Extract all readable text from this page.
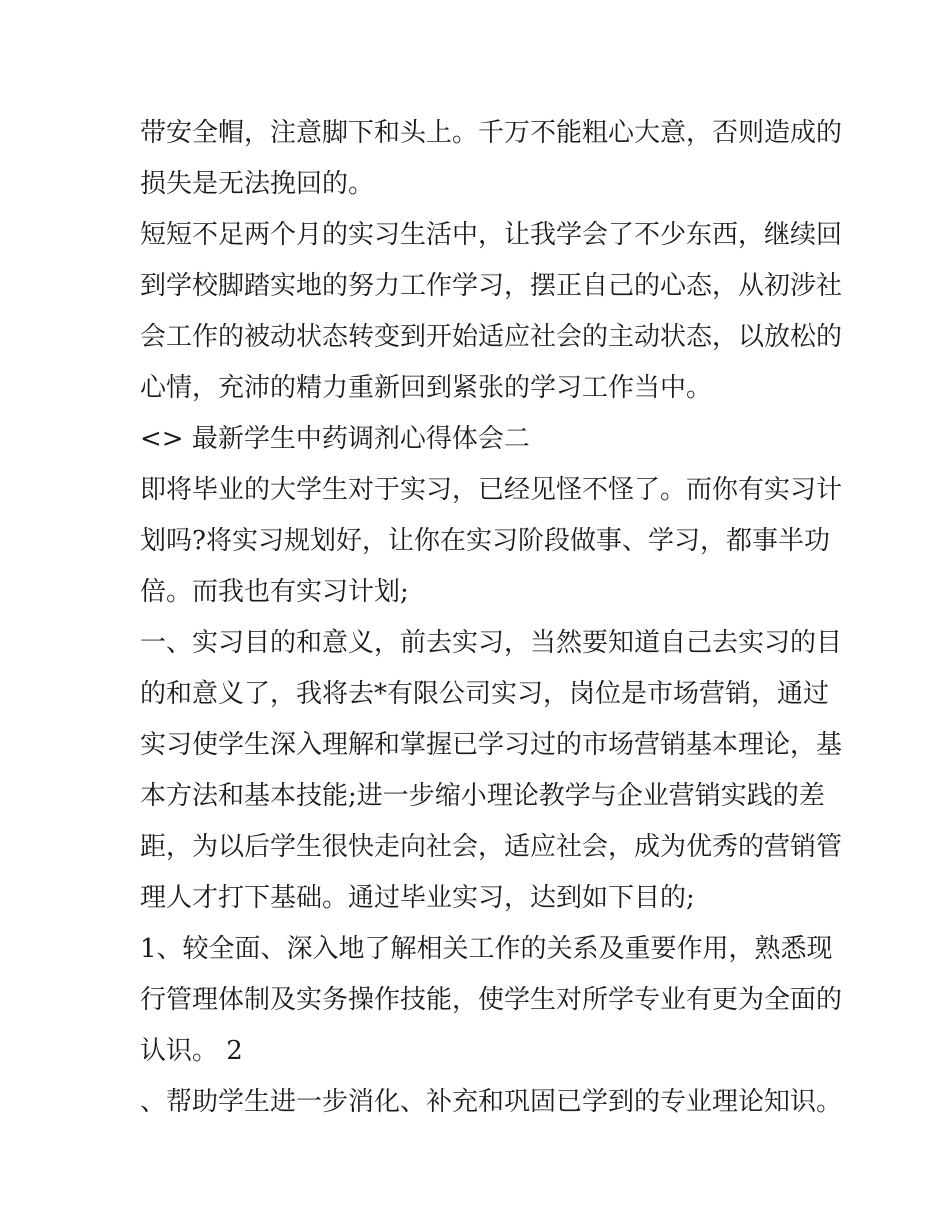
带安全帽，注意脚下和头上。千万不能粗心大意，否则造成的
损失是无法挽回的。
短短不足两个月的实习生活中，让我学会了不少东西，继续回
到学校脚踏实地的努力工作学习，摆正自己的心态，从初涉社
会工作的被动状态转变到开始适应社会的主动状态，以放松的
心情，充沛的精力重新回到紧张的学习工作当中。
<> 最新学生中药调剂心得体会二
即将毕业的大学生对于实习，已经见怪不怪了。而你有实习计
划吗?将实习规划好，让你在实习阶段做事、学习，都事半功
倍。而我也有实习计划;
一、实习目的和意义，前去实习，当然要知道自己去实习的目
的和意义了，我将去*有限公司实习，岗位是市场营销，通过
实习使学生深入理解和掌握已学习过的市场营销基本理论，基
本方法和基本技能;进一步缩小理论教学与企业营销实践的差
距，为以后学生很快走向社会，适应社会，成为优秀的营销管
理人才打下基础。通过毕业实习，达到如下目的;
1、较全面、深入地了解相关工作的关系及重要作用，熟悉现
行管理体制及实务操作技能，使学生对所学专业有更为全面的
认识。 2
、帮助学生进一步消化、补充和巩固已学到的专业理论知识。
